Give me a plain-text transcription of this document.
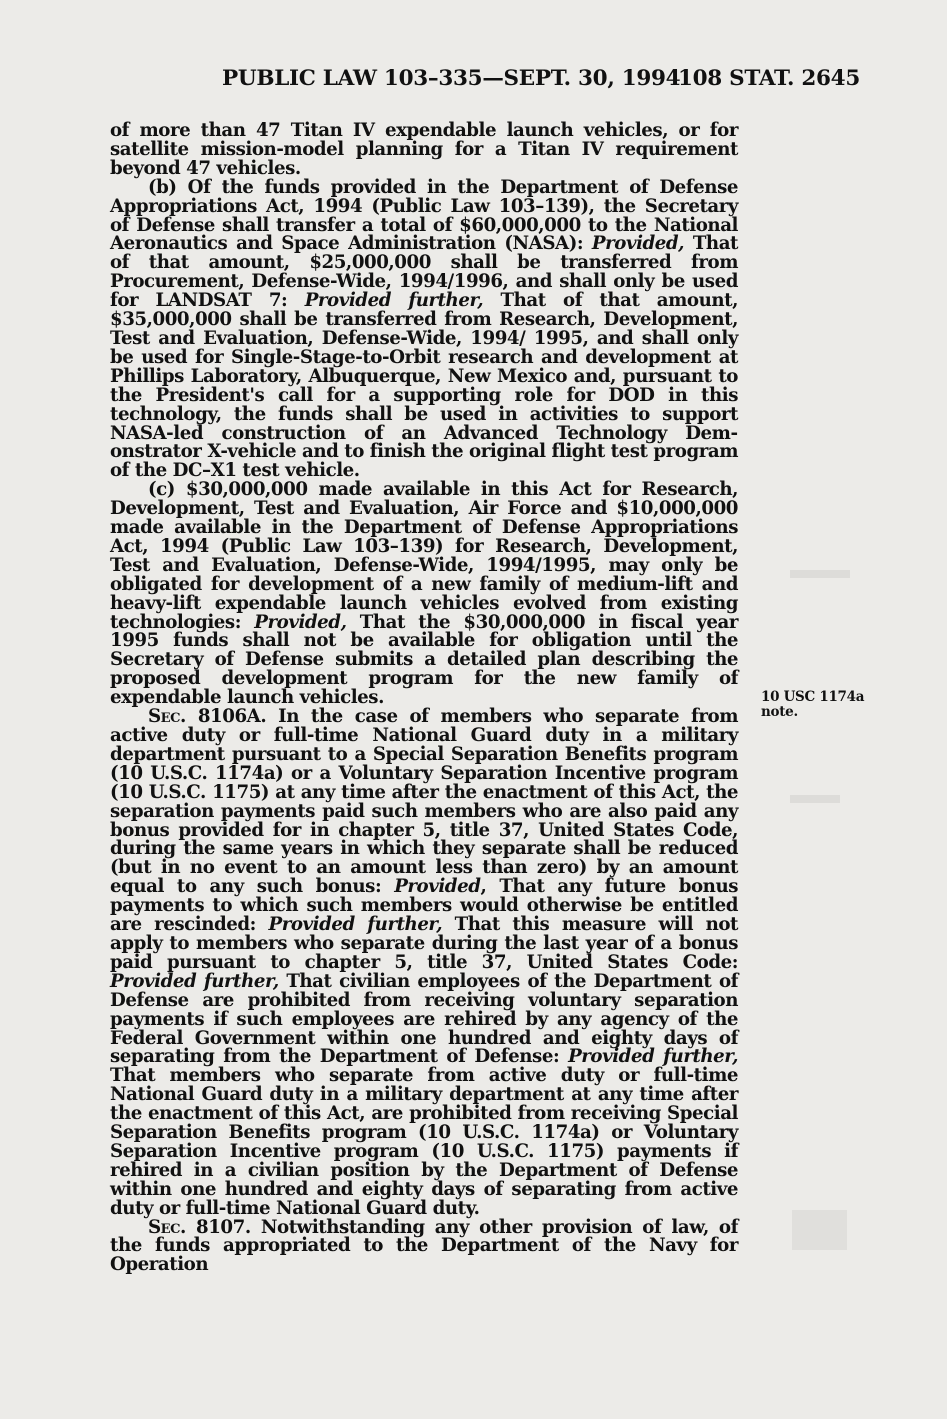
PUBLIC LAW 103–335—SEPT. 30, 1994
108 STAT. 2645

of more than 47 Titan IV expendable launch vehicles, or for satellite mission-model planning for a Titan IV requirement beyond 47 vehicles.

(b) Of the funds provided in the Department of Defense Appropriations Act, 1994 (Public Law 103–139), the Secretary of Defense shall transfer a total of $60,000,000 to the National Aeronautics and Space Administration (NASA): Provided, That of that amount, $25,000,000 shall be transferred from Procurement, Defense-Wide, 1994/1996, and shall only be used for LANDSAT 7: Provided further, That of that amount, $35,000,000 shall be transferred from Research, Development, Test and Evaluation, Defense-Wide, 1994/ 1995, and shall only be used for Single-Stage-to-Orbit research and development at Phillips Laboratory, Albuquerque, New Mexico and, pursuant to the President's call for a supporting role for DOD in this technology, the funds shall be used in activities to support NASA-led construction of an Advanced Technology Demonstrator X-vehicle and to finish the original flight test program of the DC–X1 test vehicle.

(c) $30,000,000 made available in this Act for Research, Development, Test and Evaluation, Air Force and $10,000,000 made available in the Department of Defense Appropriations Act, 1994 (Public Law 103–139) for Research, Development, Test and Evaluation, Defense-Wide, 1994/1995, may only be obligated for development of a new family of medium-lift and heavy-lift expendable launch vehicles evolved from existing technologies: Provided, That the $30,000,000 in fiscal year 1995 funds shall not be available for obligation until the Secretary of Defense submits a detailed plan describing the proposed development program for the new family of expendable launch vehicles.

Sec. 8106A. In the case of members who separate from active duty or full-time National Guard duty in a military department pursuant to a Special Separation Benefits program (10 U.S.C. 1174a) or a Voluntary Separation Incentive program (10 U.S.C. 1175) at any time after the enactment of this Act, the separation payments paid such members who are also paid any bonus provided for in chapter 5, title 37, United States Code, during the same years in which they separate shall be reduced (but in no event to an amount less than zero) by an amount equal to any such bonus: Provided, That any future bonus payments to which such members would otherwise be entitled are rescinded: Provided further, That this measure will not apply to members who separate during the last year of a bonus paid pursuant to chapter 5, title 37, United States Code: Provided further, That civilian employees of the Department of Defense are prohibited from receiving voluntary separation payments if such employees are rehired by any agency of the Federal Government within one hundred and eighty days of separating from the Department of Defense: Provided further, That members who separate from active duty or full-time National Guard duty in a military department at any time after the enactment of this Act, are prohibited from receiving Special Separation Benefits program (10 U.S.C. 1174a) or Voluntary Separation Incentive program (10 U.S.C. 1175) payments if rehired in a civilian position by the Department of Defense within one hundred and eighty days of separating from active duty or full-time National Guard duty.

Sec. 8107. Notwithstanding any other provision of law, of the funds appropriated to the Department of the Navy for Operation

10 USC 1174a
note.
